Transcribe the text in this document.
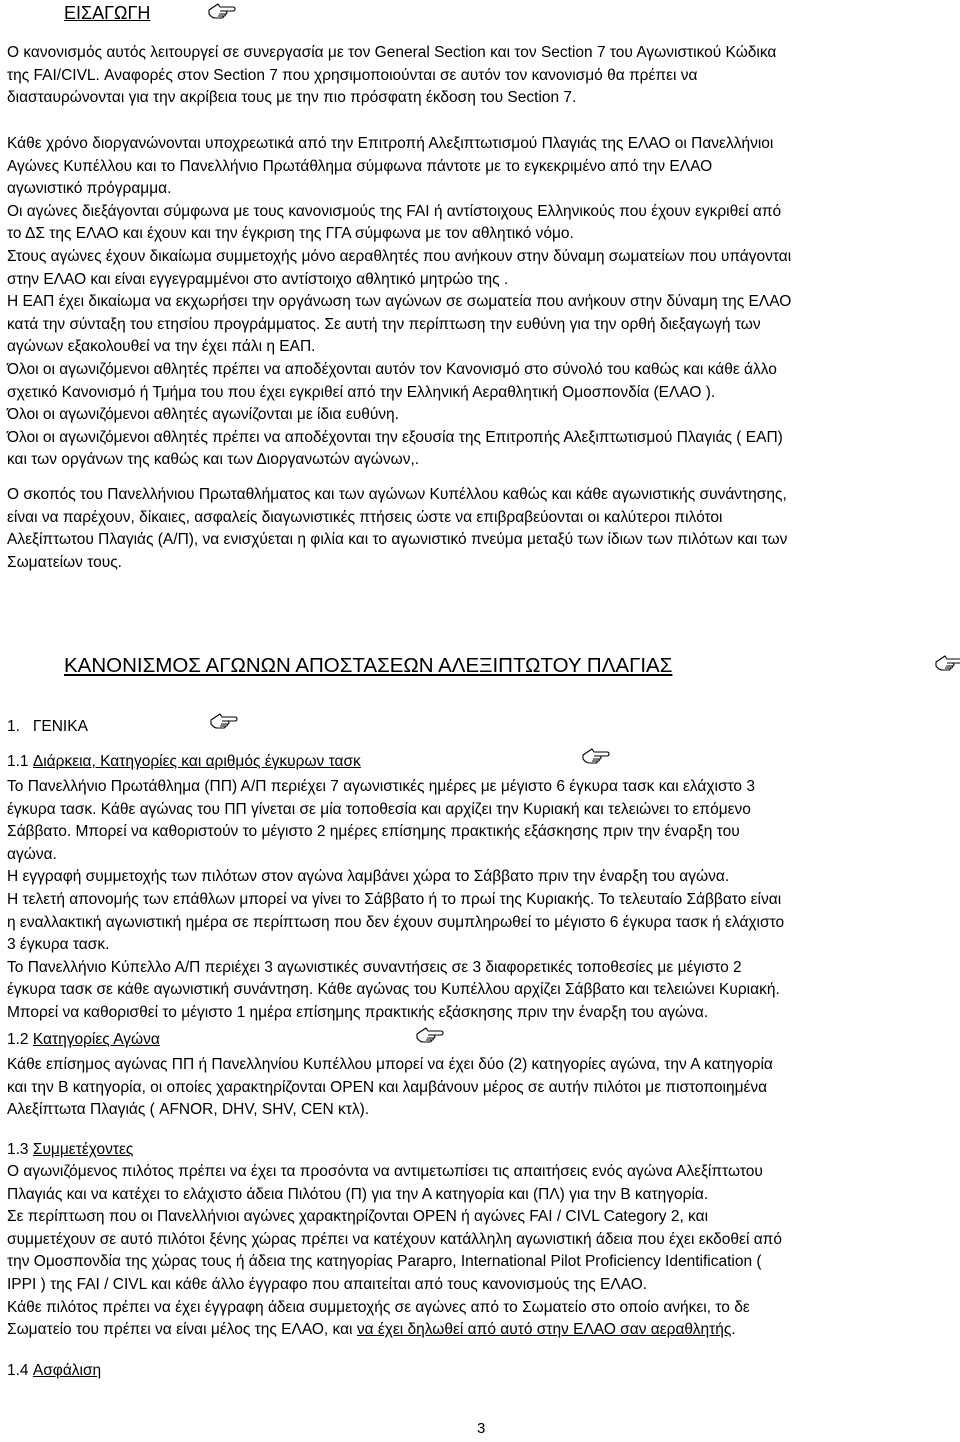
ΕΙΣΑΓΩΓΗ

Ο κανονισμός αυτός λειτουργεί σε συνεργασία με τον General Section και τον Section 7 του Αγωνιστικού Κώδικα
της FAI/CIVL. Αναφορές στον Section 7 που χρησιμοποιούνται σε αυτόν τον κανονισμό θα πρέπει να
διασταυρώνονται για την ακρίβεια τους με την πιο πρόσφατη έκδοση του Section 7.
Κάθε χρόνο διοργανώνονται υποχρεωτικά από την Επιτροπή Αλεξιπτωτισμού Πλαγιάς της ΕΛΑΟ οι Πανελλήνιοι
Αγώνες Κυπέλλου και το Πανελλήνιο Πρωτάθλημα σύμφωνα πάντοτε με το εγκεκριμένο από την ΕΛΑΟ
αγωνιστικό πρόγραμμα.
Οι αγώνες διεξάγονται σύμφωνα με τους κανονισμούς της FAI ή αντίστοιχους Ελληνικούς που έχουν εγκριθεί από
το ΔΣ της ΕΛΑΟ και έχουν και την έγκριση της ΓΓΑ σύμφωνα με τον αθλητικό νόμο.
Στους αγώνες έχουν δικαίωμα συμμετοχής μόνο αεραθλητές που ανήκουν στην δύναμη σωματείων που υπάγονται
στην ΕΛΑΟ και είναι εγγεγραμμένοι στο αντίστοιχο αθλητικό μητρώο της .
Η ΕΑΠ έχει δικαίωμα να εκχωρήσει την οργάνωση των αγώνων σε σωματεία που ανήκουν στην δύναμη της ΕΛΑΟ
κατά την σύνταξη του ετησίου προγράμματος. Σε αυτή την περίπτωση την ευθύνη για την ορθή διεξαγωγή των
αγώνων εξακολουθεί να την έχει πάλι η ΕΑΠ.
Όλοι οι αγωνιζόμενοι αθλητές πρέπει να αποδέχονται αυτόν τον Κανονισμό στο σύνολό του καθώς και κάθε άλλο
σχετικό Κανονισμό ή Τμήμα του που έχει εγκριθεί από την Ελληνική Αεραθλητική Ομοσπονδία (ΕΛΑΟ ).
Όλοι οι αγωνιζόμενοι αθλητές αγωνίζονται με ίδια ευθύνη.
Όλοι οι αγωνιζόμενοι αθλητές πρέπει να αποδέχονται την εξουσία της Επιτροπής Αλεξιπτωτισμού Πλαγιάς ( ΕΑΠ)
και των οργάνων της καθώς και των Διοργανωτών αγώνων,.
Ο σκοπός του Πανελλήνιου Πρωταθλήματος και των αγώνων Κυπέλλου καθώς και κάθε αγωνιστικής συνάντησης,
είναι να παρέχουν, δίκαιες, ασφαλείς διαγωνιστικές πτήσεις ώστε να επιβραβεύονται οι καλύτεροι πιλότοι
Αλεξίπτωτου Πλαγιάς (Α/Π), να ενισχύεται η φιλία και το αγωνιστικό πνεύμα μεταξύ των ίδιων των πιλότων και των
Σωματείων τους.
ΚΑΝΟΝΙΣΜΟΣ ΑΓΩΝΩΝ ΑΠΟΣΤΑΣΕΩΝ ΑΛΕΞΙΠΤΩΤΟΥ ΠΛΑΓΙΑΣ

1. ΓΕΝΙΚΑ

1.1 Διάρκεια, Κατηγορίες και αριθμός έγκυρων τασκ

Το Πανελλήνιο Πρωτάθλημα (ΠΠ) Α/Π περιέχει 7 αγωνιστικές ημέρες με μέγιστο 6 έγκυρα τασκ και ελάχιστο 3
έγκυρα τασκ. Κάθε αγώνας του ΠΠ γίνεται σε μία τοποθεσία και αρχίζει την Κυριακή και τελειώνει το επόμενο
Σάββατο. Μπορεί να καθοριστούν το μέγιστο 2 ημέρες επίσημης πρακτικής εξάσκησης πριν την έναρξη του
αγώνα.
Η εγγραφή συμμετοχής των πιλότων στον αγώνα λαμβάνει χώρα το Σάββατο πριν την έναρξη του αγώνα.
Η τελετή απονομής των επάθλων μπορεί να γίνει το Σάββατο ή το πρωί της Κυριακής. Το τελευταίο Σάββατο είναι
η εναλλακτική αγωνιστική ημέρα σε περίπτωση που δεν έχουν συμπληρωθεί το μέγιστο 6 έγκυρα τασκ ή ελάχιστο
3 έγκυρα τασκ.
Το Πανελλήνιο Κύπελλο Α/Π περιέχει 3 αγωνιστικές συναντήσεις σε 3 διαφορετικές τοποθεσίες με μέγιστο 2
έγκυρα τασκ σε κάθε αγωνιστική συνάντηση. Κάθε αγώνας του Κυπέλλου αρχίζει Σάββατο και τελειώνει Κυριακή.
Μπορεί να καθορισθεί το μέγιστο 1 ημέρα επίσημης πρακτικής εξάσκησης πριν την έναρξη του αγώνα.
1.2 Κατηγορίες Αγώνα
Κάθε επίσημος αγώνας ΠΠ ή Πανελληνίου Κυπέλλου μπορεί να έχει δύο (2) κατηγορίες αγώνα, την Α κατηγορία
και την Β κατηγορία, οι οποίες χαρακτηρίζονται OPEN και λαμβάνουν μέρος σε αυτήν πιλότοι με πιστοποιημένα
Αλεξίπτωτα Πλαγιάς ( AFNOR, DHV, SHV, CEN κτλ).
1.3 Συμμετέχοντες
Ο αγωνιζόμενος πιλότος πρέπει να έχει τα προσόντα να αντιμετωπίσει τις απαιτήσεις ενός αγώνα Αλεξίπτωτου
Πλαγιάς και να κατέχει το ελάχιστο άδεια Πιλότου (Π) για την Α κατηγορία και (ΠΛ) για την Β κατηγορία.
Σε περίπτωση που οι Πανελλήνιοι αγώνες χαρακτηρίζονται OPEN ή αγώνες FAI / CIVL Category 2, και
συμμετέχουν σε αυτό πιλότοι ξένης χώρας πρέπει να κατέχουν κατάλληλη αγωνιστική άδεια που έχει εκδοθεί από
την Ομοσπονδία της χώρας τους ή άδεια της κατηγορίας Parapro, International Pilot Proficiency Identification (
IPPI ) της FAI / CIVL και κάθε άλλο έγγραφο που απαιτείται από τους κανονισμούς της ΕΛΑΟ.
Κάθε πιλότος πρέπει να έχει έγγραφη άδεια συμμετοχής σε αγώνες από το Σωματείο στο οποίο ανήκει, το δε
Σωματείο του πρέπει να είναι μέλος της ΕΛΑΟ, και να έχει δηλωθεί από αυτό στην ΕΛΑΟ σαν αεραθλητής.
1.4 Ασφάλιση
3
